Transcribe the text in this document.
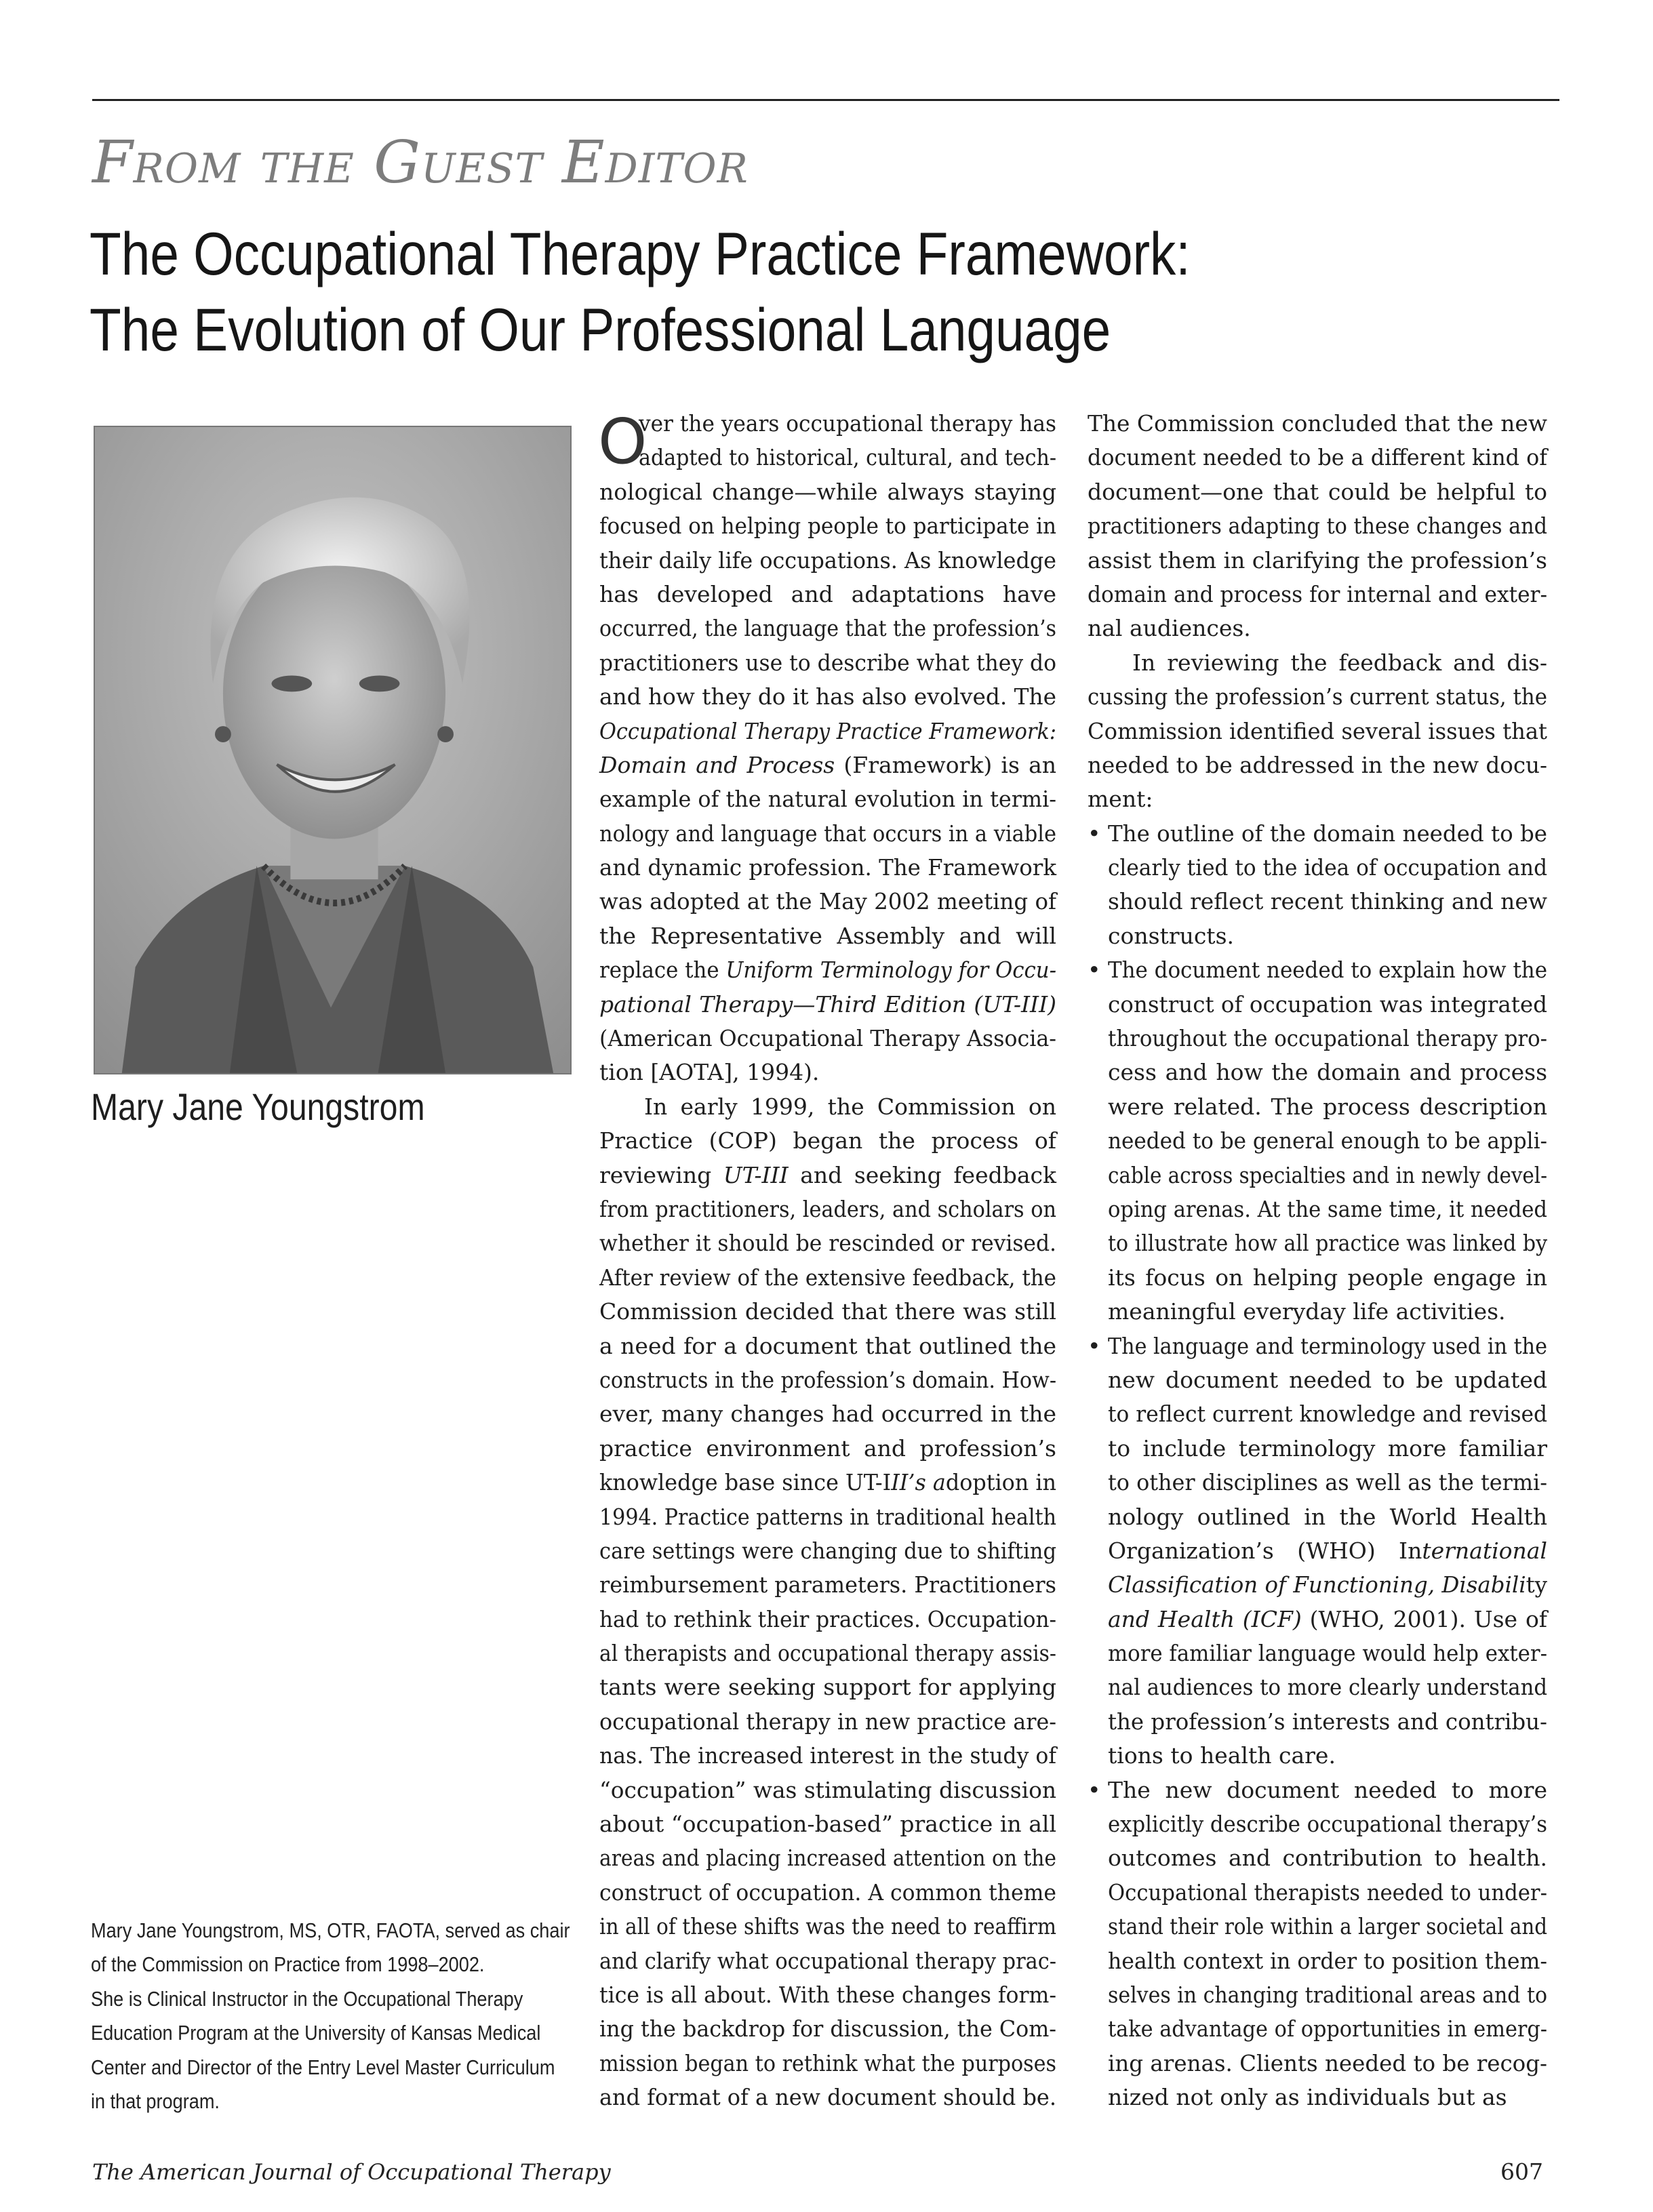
From the Guest Editor
The Occupational Therapy Practice Framework:
The Evolution of Our Professional Language
Mary Jane Youngstrom
Mary Jane Youngstrom, MS, OTR, FAOTA, served as chair
of the Commission on Practice from 1998–2002.
She is Clinical Instructor in the Occupational Therapy
Education Program at the University of Kansas Medical
Center and Director of the Entry Level Master Curriculum
in that program.
ver the years occupational therapy has
adapted to historical, cultural, and tech-
nological change—while always staying
focused on helping people to participate in
their daily life occupations. As knowledge
has developed and adaptations have
occurred, the language that the profession’s
practitioners use to describe what they do
and how they do it has also evolved. The
Occupational Therapy Practice Framework:
Domain and Process (Framework) is an
example of the natural evolution in termi-
nology and language that occurs in a viable
and dynamic profession. The Framework
was adopted at the May 2002 meeting of
the Representative Assembly and will
replace the Uniform Terminology for Occu-
pational Therapy—Third Edition (UT-III)
(American Occupational Therapy Associa-
tion [AOTA], 1994).
In early 1999, the Commission on
Practice (COP) began the process of
reviewing UT-III and seeking feedback
from practitioners, leaders, and scholars on
whether it should be rescinded or revised.
After review of the extensive feedback, the
Commission decided that there was still
a need for a document that outlined the
constructs in the profession’s domain. How-
ever, many changes had occurred in the
practice environment and profession’s
knowledge base since UT-III’s adoption in
1994. Practice patterns in traditional health
care settings were changing due to shifting
reimbursement parameters. Practitioners
had to rethink their practices. Occupation-
al therapists and occupational therapy assis-
tants were seeking support for applying
occupational therapy in new practice are-
nas. The increased interest in the study of
“occupation” was stimulating discussion
about “occupation-based” practice in all
areas and placing increased attention on the
construct of occupation. A common theme
in all of these shifts was the need to reaffirm
and clarify what occupational therapy prac-
tice is all about. With these changes form-
ing the backdrop for discussion, the Com-
mission began to rethink what the purposes
and format of a new document should be.
O	The Commission concluded that the new
document needed to be a different kind of
document—one that could be helpful to
practitioners adapting to these changes and
assist them in clarifying the profession’s
domain and process for internal and exter-
nal audiences.
In reviewing the feedback and dis-
cussing the profession’s current status, the
Commission identified several issues that
needed to be addressed in the new docu-
ment:
• The outline of the domain needed to be
clearly tied to the idea of occupation and
should reflect recent thinking and new
constructs.
• The document needed to explain how the
construct of occupation was integrated
throughout the occupational therapy pro-
cess and how the domain and process
were related. The process description
needed to be general enough to be appli-
cable across specialties and in newly devel-
oping arenas. At the same time, it needed
to illustrate how all practice was linked by
its focus on helping people engage in
meaningful everyday life activities.
• The language and terminology used in the
new document needed to be updated
to reflect current knowledge and revised
to include terminology more familiar
to other disciplines as well as the termi-
nology outlined in the World Health
Organization’s (WHO) International
Classification of Functioning, Disability
and Health (ICF) (WHO, 2001). Use of
more familiar language would help exter-
nal audiences to more clearly understand
the profession’s interests and contribu-
tions to health care.
• The new document needed to more
explicitly describe occupational therapy’s
outcomes and contribution to health.
Occupational therapists needed to under-
stand their role within a larger societal and
health context in order to position them-
selves in changing traditional areas and to
take advantage of opportunities in emerg-
ing arenas. Clients needed to be recog-
nized not only as individuals but as
The American Journal of Occupational Therapy	607
